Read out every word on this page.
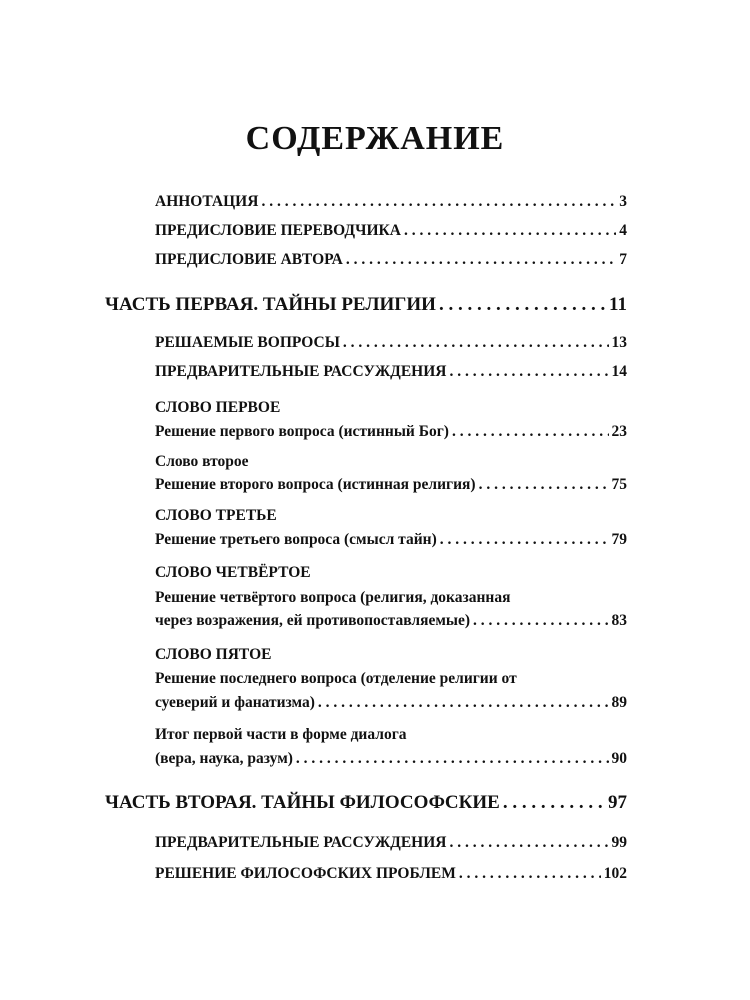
СОДЕРЖАНИЕ
АННОТАЦИЯ . . .	3
ПРЕДИСЛОВИЕ ПЕРЕВОДЧИКА . . .	4
ПРЕДИСЛОВИЕ АВТОРА . . .	7
ЧАСТЬ ПЕРВАЯ. ТАЙНЫ РЕЛИГИИ . . .	11
РЕШАЕМЫЕ ВОПРОСЫ . . .	13
ПРЕДВАРИТЕЛЬНЫЕ РАССУЖДЕНИЯ . . .	14
СЛОВО ПЕРВОЕ
Решение первого вопроса (истинный Бог) . . .	23
Слово второе
Решение второго вопроса (истинная религия) . . .	75
СЛОВО ТРЕТЬЕ
Решение третьего вопроса (смысл тайн) . . .	79
СЛОВО ЧЕТВЁРТОЕ
Решение четвёртого вопроса (религия, доказанная
через возражения, ей противопоставляемые) . . .	83
СЛОВО ПЯТОЕ
Решение последнего вопроса (отделение религии от
суеверий и фанатизма) . . .	89
Итог первой части в форме диалога
(вера, наука, разум) . . .	90
ЧАСТЬ ВТОРАЯ. ТАЙНЫ ФИЛОСОФСКИЕ . . .	97
ПРЕДВАРИТЕЛЬНЫЕ РАССУЖДЕНИЯ . . .	99
РЕШЕНИЕ ФИЛОСОФСКИХ ПРОБЛЕМ . . .	102
